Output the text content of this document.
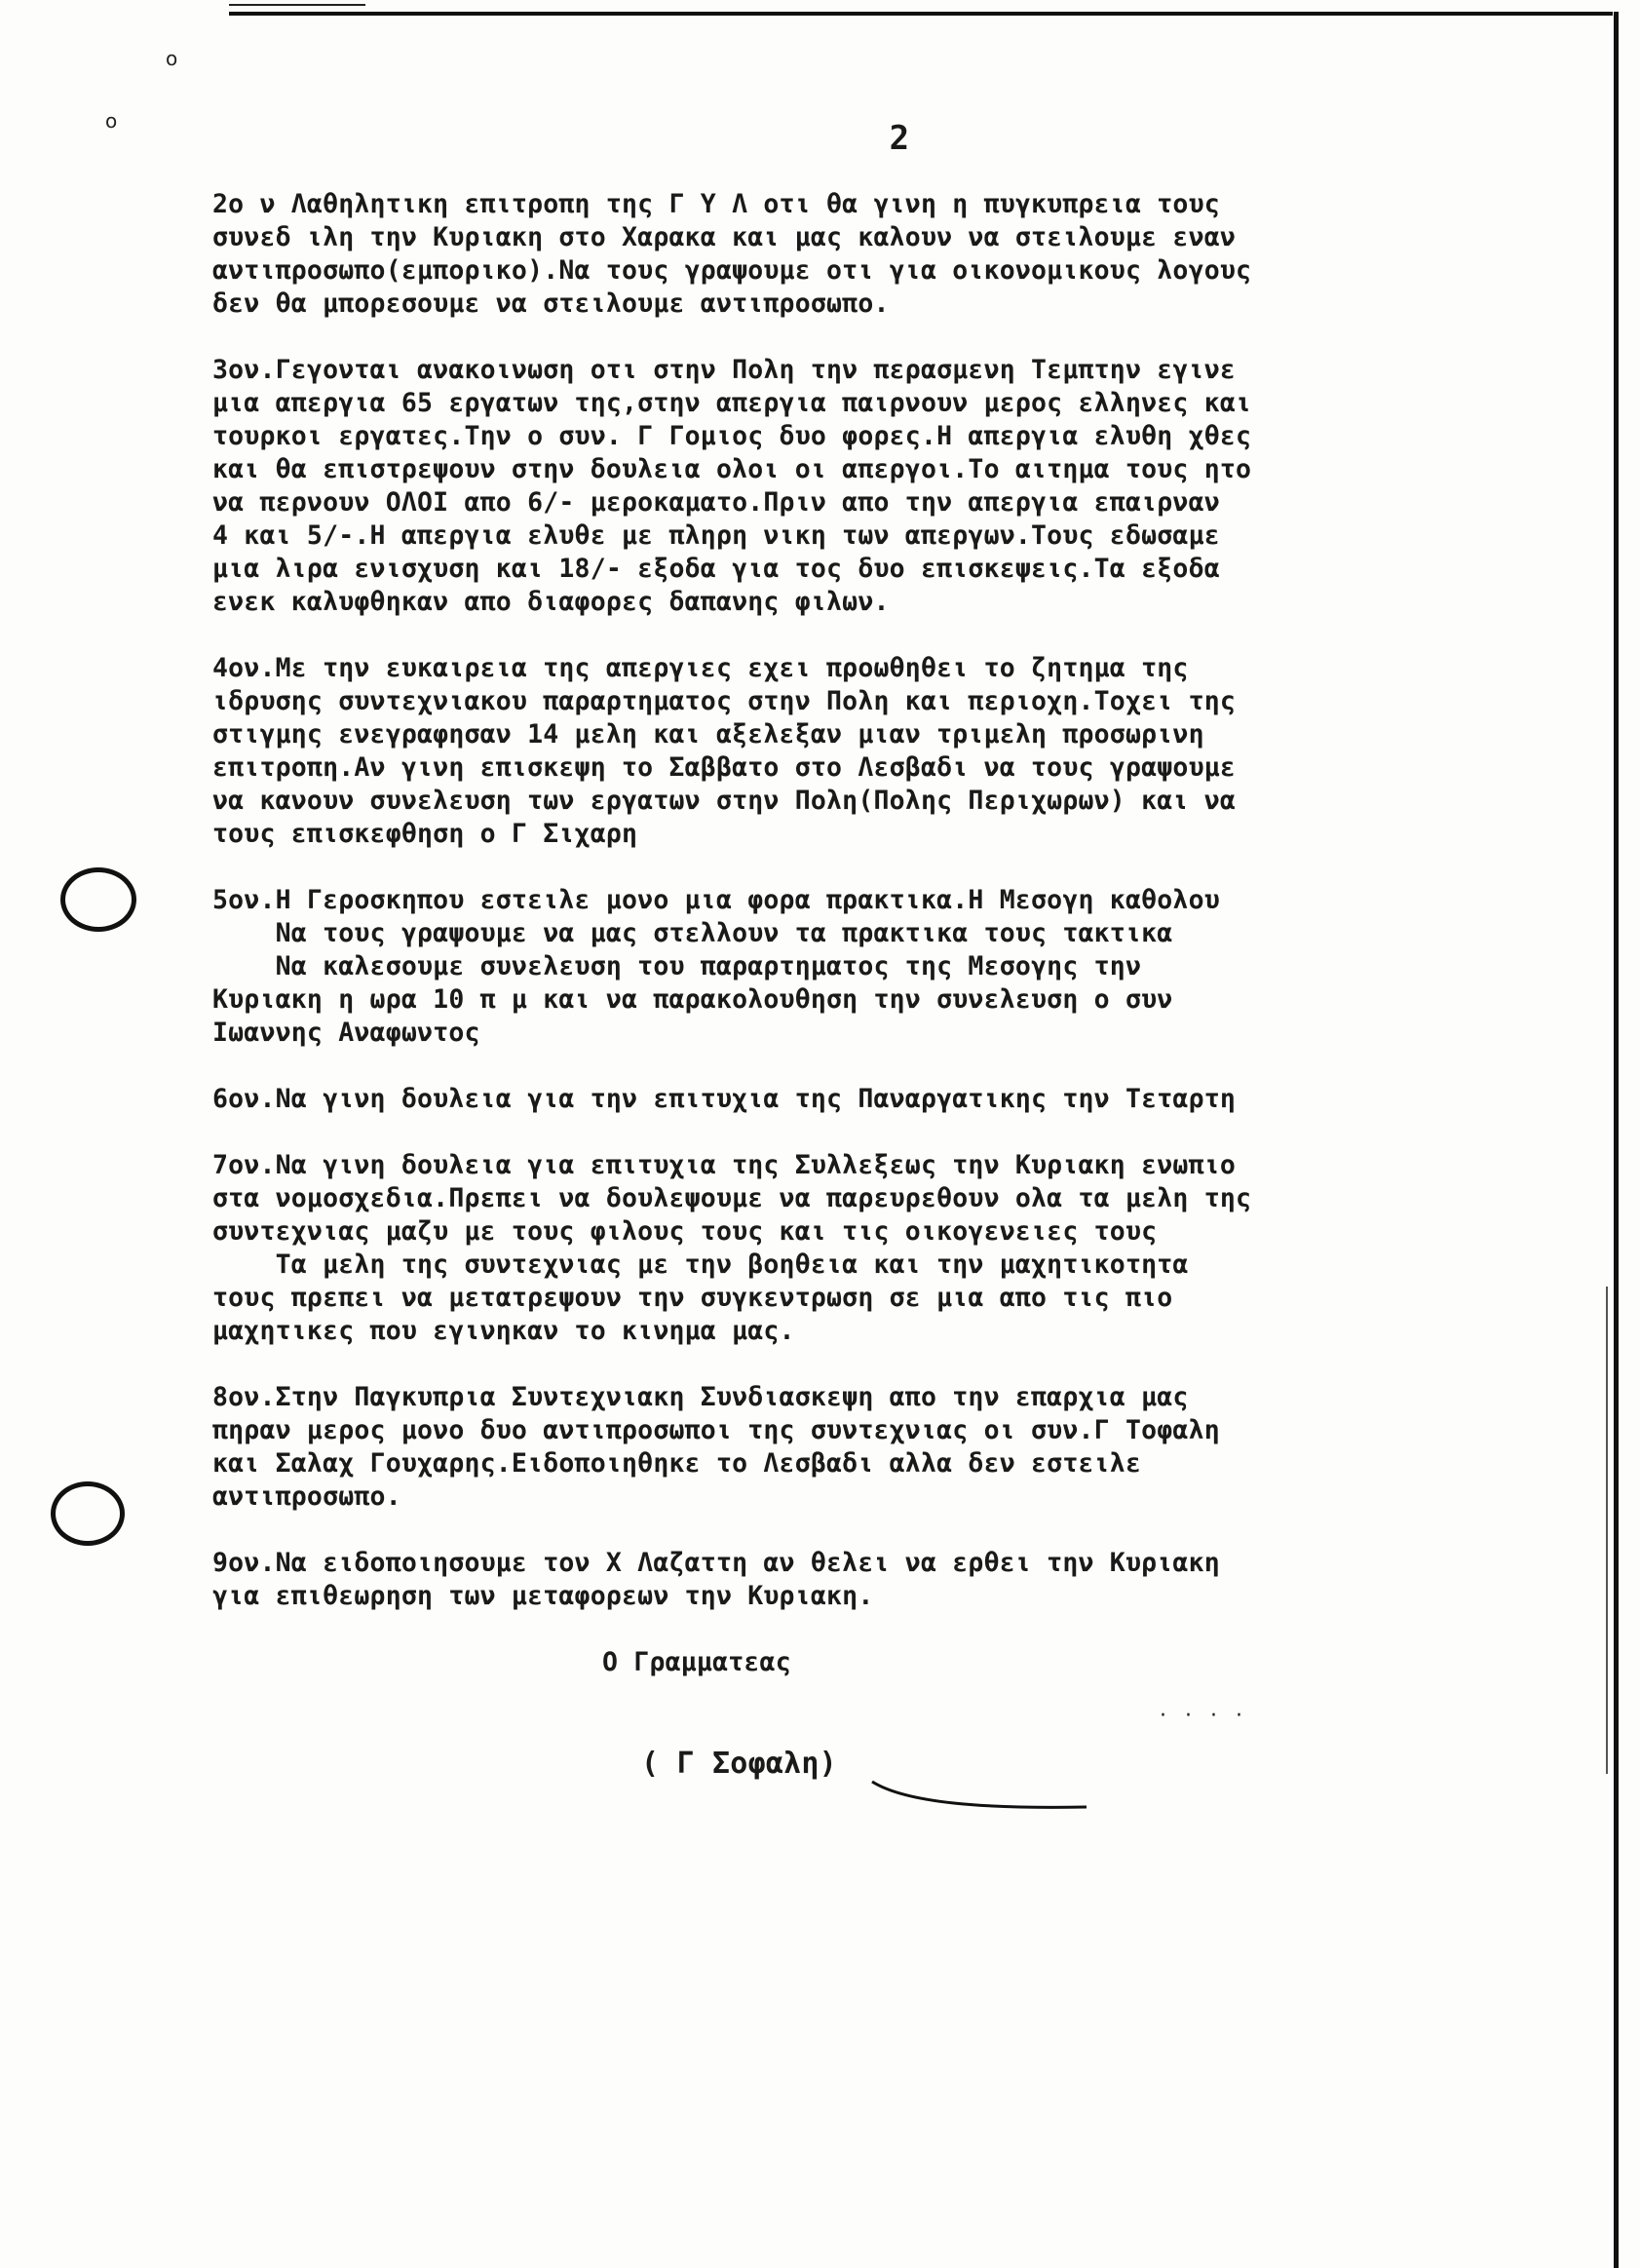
o
o	2
2ο ν Λαθηλητικη επιτροπη της Γ Υ Λ οτι θα γινη η πυγκυπρεια τους
συνεδ ιλη την Κυριακη στο Χαρακα και μας καλουν να στειλουμε εναν
αντιπροσωπο(εμπορικο).Να τους γραψουμε οτι για οικονομικους λογους
δεν θα μπορεσουμε να στειλουμε αντιπροσωπο.
3ον.Γεγονται ανακοινωση οτι στην Πολη την περασμενη Τεμπτην εγινε
μια απεργια 65 εργατων της,στην απεργια παιρνουν μερος ελληνες και
τουρκοι εργατες.Την ο συν. Γ Γομιος δυο φορες.Η απεργια ελυθη χθες
και θα επιστρεψουν στην δουλεια ολοι οι απεργοι.Το αιτημα τους ητο
να περνουν ΟΛΟΙ απο 6/- μεροκαματο.Πριν απο την απεργια επαιρναν
4 και 5/-.Η απεργια ελυθε με πληρη νικη των απεργων.Τους εδωσαμε
μια λιρα ενισχυση και 18/- εξοδα για τος δυο επισκεψεις.Τα εξοδα
ενεκ καλυφθηκαν απο διαφορες δαπανης φιλων.
4ον.Με την ευκαιρεια της απεργιες εχει προωθηθει το ζητημα της
ιδρυσης συντεχνιακου παραρτηματος στην Πολη και περιοχη.Τοχει της
στιγμης ενεγραφησαν 14 μελη και αξελεξαν μιαν τριμελη προσωρινη
επιτροπη.Αν γινη επισκεψη το Σαββατο στο Λεσβαδι να τους γραψουμε
να κανουν συνελευση των εργατων στην Πολη(Πολης Περιχωρων) και να
τους επισκεφθηση ο Γ Σιχαρη
5ον.Η Γεροσκηπου εστειλε μονο μια φορα πρακτικα.Η Μεσογη καθολου
Να τους γραψουμε να μας στελλουν τα πρακτικα τους τακτικα
Να καλεσουμε συνελευση του παραρτηματος της Μεσογης την
Κυριακη η ωρα 10 π μ και να παρακολουθηση την συνελευση ο συν
Ιωαννης Αναφωντος
6ον.Να γινη δουλεια για την επιτυχια της Παναργατικης την Τεταρτη
7ον.Να γινη δουλεια για επιτυχια της Συλλεξεως την Κυριακη ενωπιο
στα νομοσχεδια.Πρεπει να δουλεψουμε να παρευρεθουν ολα τα μελη της
συντεχνιας μαζυ με τους φιλους τους και τις οικογενειες τους
Τα μελη της συντεχνιας με την βοηθεια και την μαχητικοτητα
τους πρεπει να μετατρεψουν την συγκεντρωση σε μια απο τις πιο
μαχητικες που εγινηκαν το κινημα μας.
8ον.Στην Παγκυπρια Συντεχνιακη Συνδιασκεψη απο την επαρχια μας
πηραν μερος μονο δυο αντιπροσωποι της συντεχνιας οι συν.Γ Τοφαλη
και Σαλαχ Γουχαρης.Ειδοποιηθηκε το Λεσβαδι αλλα δεν εστειλε
αντιπροσωπο.
9ον.Να ειδοποιησουμε τον Χ Λαζαττη αν θελει να ερθει την Κυριακη
για επιθεωρηση των μεταφορεων την Κυριακη.
Ο Γραμματεας
( Γ Σοφαλη)
· · · ·
